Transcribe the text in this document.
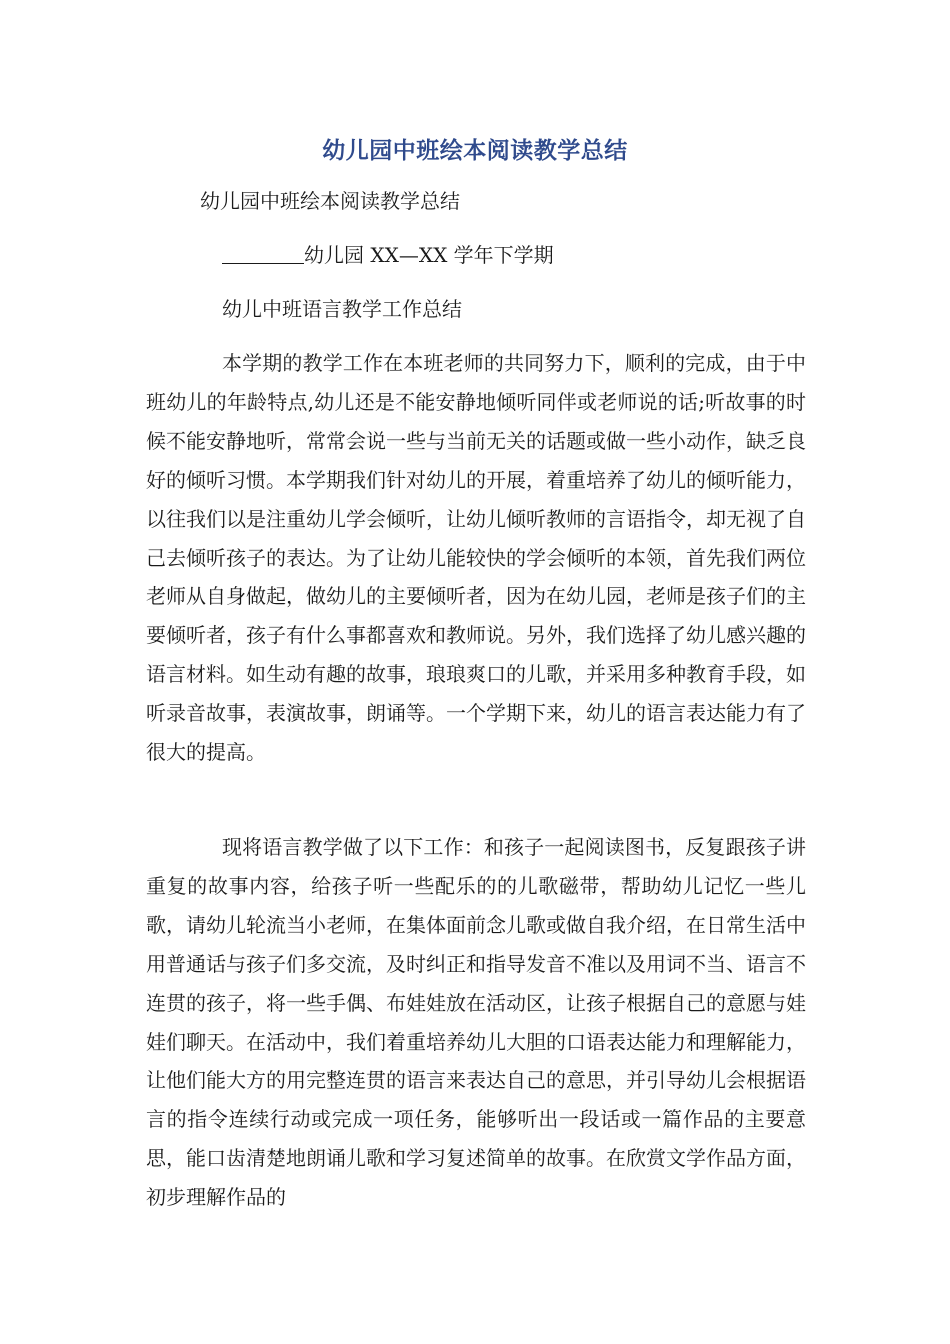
幼儿园中班绘本阅读教学总结
幼儿园中班绘本阅读教学总结
幼儿园 XX—XX 学年下学期
幼儿中班语言教学工作总结
本学期的教学工作在本班老师的共同努力下，顺利的完成，由于中班幼儿的年龄特点,幼儿还是不能安静地倾听同伴或老师说的话;听故事的时候不能安静地听，常常会说一些与当前无关的话题或做一些小动作，缺乏良好的倾听习惯。本学期我们针对幼儿的开展，着重培养了幼儿的倾听能力，以往我们以是注重幼儿学会倾听，让幼儿倾听教师的言语指令，却无视了自己去倾听孩子的表达。为了让幼儿能较快的学会倾听的本领，首先我们两位老师从自身做起，做幼儿的主要倾听者，因为在幼儿园，老师是孩子们的主要倾听者，孩子有什么事都喜欢和教师说。另外，我们选择了幼儿感兴趣的语言材料。如生动有趣的故事，琅琅爽口的儿歌，并采用多种教育手段，如听录音故事，表演故事，朗诵等。一个学期下来，幼儿的语言表达能力有了很大的提高。
现将语言教学做了以下工作：和孩子一起阅读图书，反复跟孩子讲重复的故事内容，给孩子听一些配乐的的儿歌磁带，帮助幼儿记忆一些儿歌，请幼儿轮流当小老师，在集体面前念儿歌或做自我介绍，在日常生活中用普通话与孩子们多交流，及时纠正和指导发音不准以及用词不当、语言不连贯的孩子，将一些手偶、布娃娃放在活动区，让孩子根据自己的意愿与娃娃们聊天。在活动中，我们着重培养幼儿大胆的口语表达能力和理解能力，让他们能大方的用完整连贯的语言来表达自己的意思，并引导幼儿会根据语言的指令连续行动或完成一项任务，能够听出一段话或一篇作品的主要意思，能口齿清楚地朗诵儿歌和学习复述简单的故事。在欣赏文学作品方面，初步理解作品的
